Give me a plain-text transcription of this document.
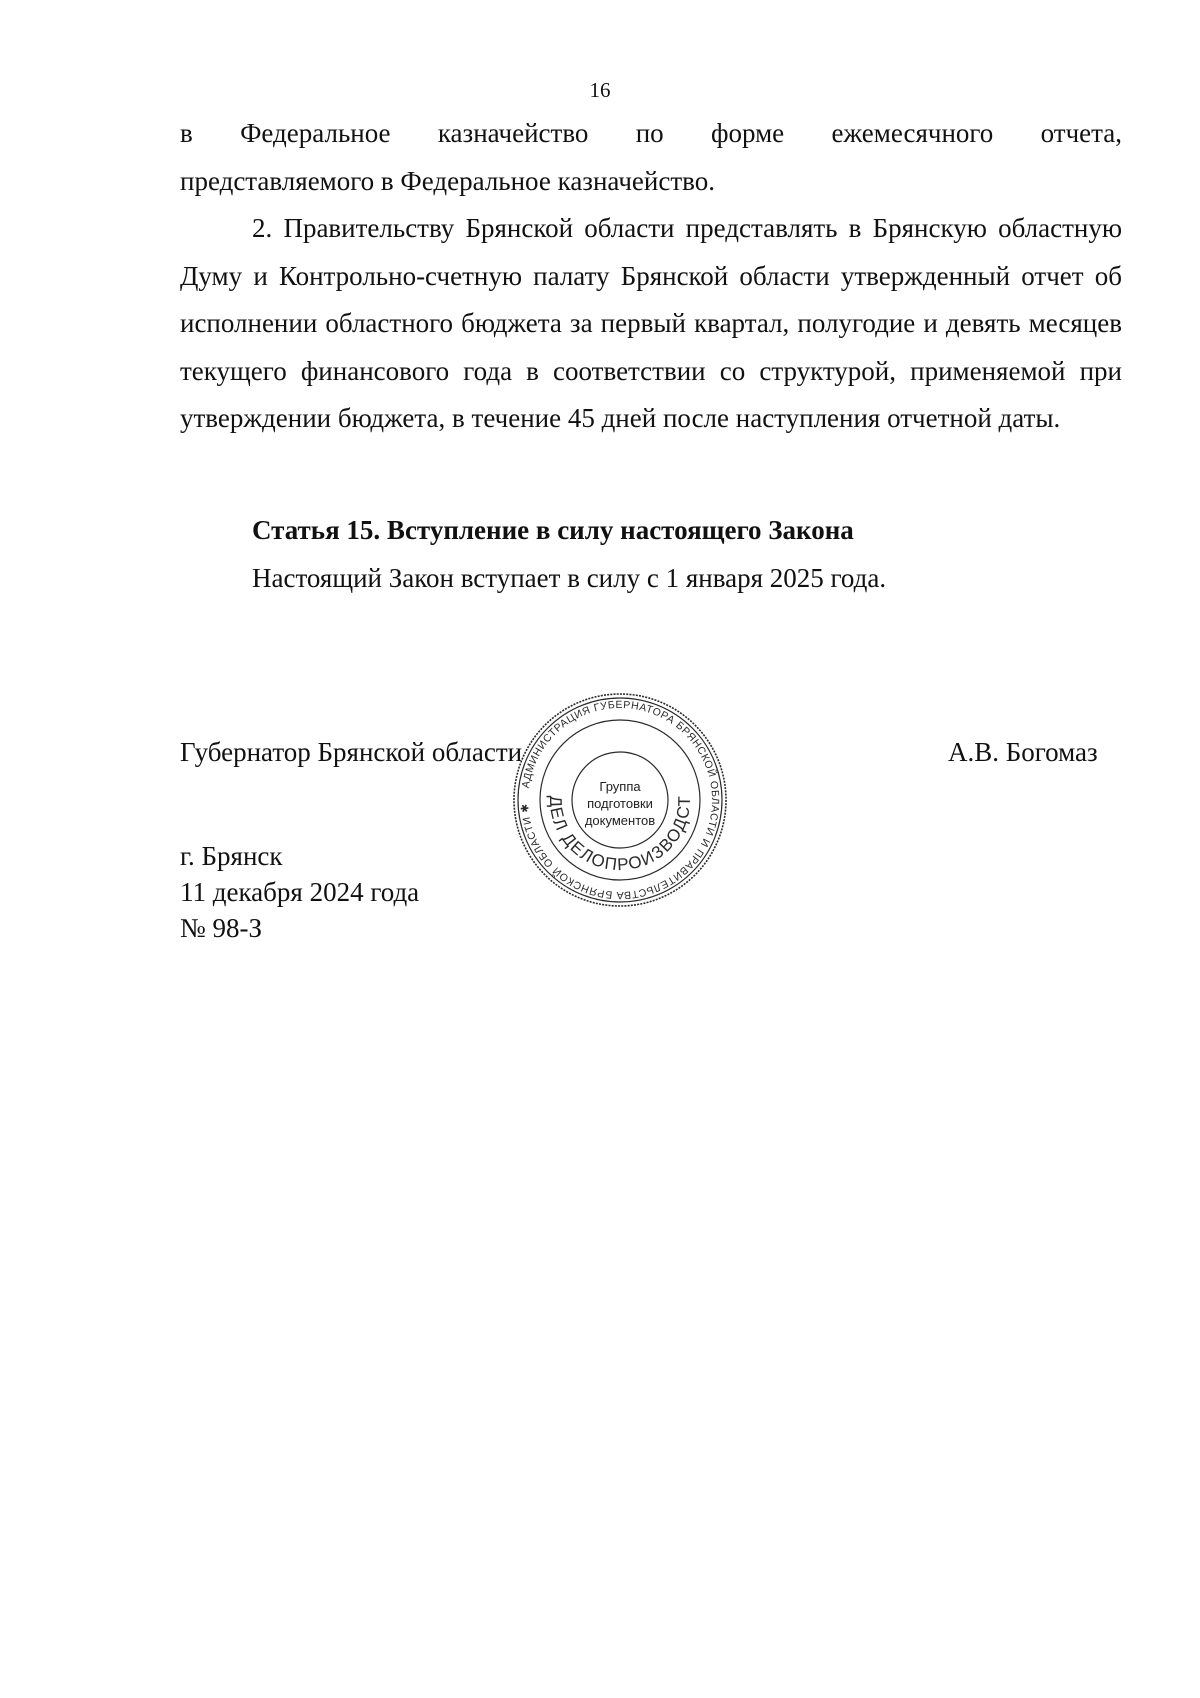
16

в Федеральное казначейство по форме ежемесячного отчета,

представляемого в Федеральное казначейство.

2. Правительству Брянской области представлять в Брянскую областную Думу и Контрольно-счетную палату Брянской области утвержденный отчет об исполнении областного бюджета за первый квартал, полугодие и девять месяцев текущего финансового года в соответствии со структурой, применяемой при утверждении бюджета, в течение 45 дней после наступления отчетной даты.

Статья 15. Вступление в силу настоящего Закона
Настоящий Закон вступает в силу с 1 января 2025 года.
Губернатор Брянской области	А.В. Богомаз
г. Брянск
11 декабря 2024 года
№ 98-З
АДМИНИСТРАЦИЯ ГУБЕРНАТОРА БРЯНСКОЙ ОБЛАСТИ И ПРАВИТЕЛЬСТВА БРЯНСКОЙ ОБЛАСТИ ✱ ДЕЛ ДЕЛОПРОИЗВОДСТ
Группа
подготовки
документов
